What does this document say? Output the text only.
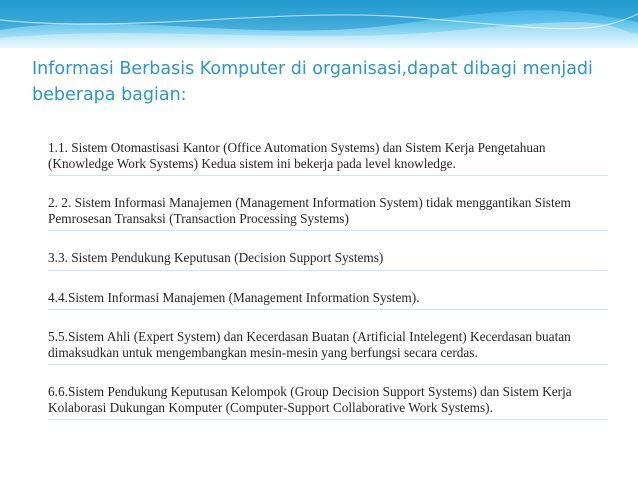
Informasi Berbasis Komputer di organisasi,dapat dibagi menjadi beberapa bagian:

1.1. Sistem Otomastisasi Kantor (Office Automation Systems) dan Sistem Kerja Pengetahuan (Knowledge Work Systems) Kedua sistem ini bekerja pada level knowledge.

2. 2. Sistem Informasi Manajemen (Management Information System) tidak menggantikan Sistem Pemrosesan Transaksi (Transaction Processing Systems)

3.3. Sistem Pendukung Keputusan (Decision Support Systems)

4.4.Sistem Informasi Manajemen (Management Information System).

5.5.Sistem Ahli (Expert System) dan Kecerdasan Buatan (Artificial Intelegent) Kecerdasan buatan dimaksudkan untuk mengembangkan mesin-mesin yang berfungsi secara cerdas.

6.6.Sistem Pendukung Keputusan Kelompok (Group Decision Support Systems) dan Sistem Kerja Kolaborasi Dukungan Komputer (Computer-Support Collaborative Work Systems).
